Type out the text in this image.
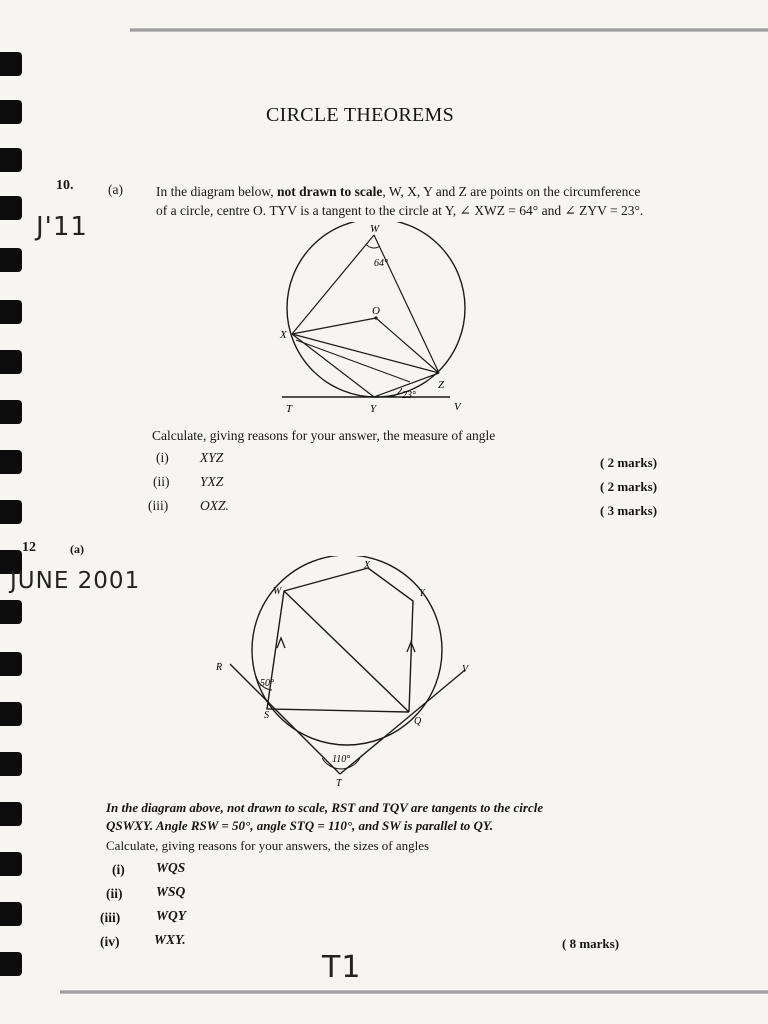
CIRCLE THEOREMS
10.	(a)
J'11
In the diagram below, not drawn to scale, W, X, Y and Z are points on the circumference
of a circle, centre O. TYV is a tangent to the circle at Y, ∠ XWZ = 64° and ∠ ZYV = 23°.
W
64°
O
X
Z
23°
T	Y	V
Calculate, giving reasons for your answer, the measure of angle
(i) XYZ	( 2 marks)
(ii) YXZ	( 2 marks)
(iii) OXZ.	( 3 marks)
12	(a)
JUNE 2001
X
W	Y
R	V
50°
S
Q
110°
T
In the diagram above, not drawn to scale, RST and TQV are tangents to the circle
QSWXY. Angle RSW = 50°, angle STQ = 110°, and SW is parallel to QY.
Calculate, giving reasons for your answers, the sizes of angles
(i) WQS
(ii) WSQ
(iii)	WQY
(iv)	WXY.	( 8 marks)
T1
